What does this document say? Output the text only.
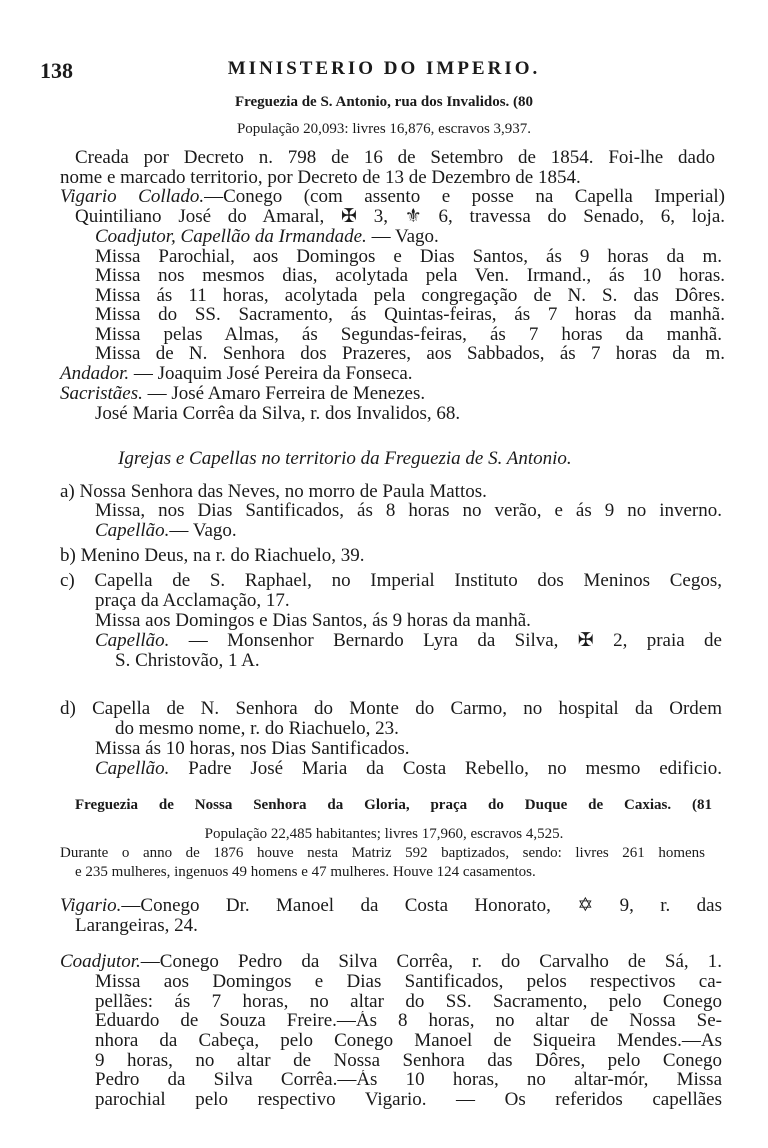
138	MINISTERIO DO IMPERIO.
Freguezia de S. Antonio, rua dos Invalidos. (80
População 20,093: livres 16,876, escravos 3,937.
Creada por Decreto n. 798 de 16 de Setembro de 1854. Foi-lhe dado
nome e marcado territorio, por Decreto de 13 de Dezembro de 1854.
Vigario Collado.—Conego (com assento e posse na Capella Imperial)
Quintiliano José do Amaral, ✠ 3, ⚜ 6, travessa do Senado, 6, loja.
Coadjutor, Capellão da Irmandade. — Vago.
Missa Parochial, aos Domingos e Dias Santos, ás 9 horas da m.
Missa nos mesmos dias, acolytada pela Ven. Irmand., ás 10 horas.
Missa ás 11 horas, acolytada pela congregação de N. S. das Dôres.
Missa do SS. Sacramento, ás Quintas-feiras, ás 7 horas da manhã.
Missa pelas Almas, ás Segundas-feiras, ás 7 horas da manhã.
Missa de N. Senhora dos Prazeres, aos Sabbados, ás 7 horas da m.
Andador. — Joaquim José Pereira da Fonseca.
Sacristães. — José Amaro Ferreira de Menezes.
José Maria Corrêa da Silva, r. dos Invalidos, 68.
Igrejas e Capellas no territorio da Freguezia de S. Antonio.
a) Nossa Senhora das Neves, no morro de Paula Mattos.
Missa, nos Dias Santificados, ás 8 horas no verão, e ás 9 no inverno.
Capellão.— Vago.
b) Menino Deus, na r. do Riachuelo, 39.
c) Capella de S. Raphael, no Imperial Instituto dos Meninos Cegos,
praça da Acclamação, 17.
Missa aos Domingos e Dias Santos, ás 9 horas da manhã.
Capellão. — Monsenhor Bernardo Lyra da Silva, ✠ 2, praia de
S. Christovão, 1 A.
d) Capella de N. Senhora do Monte do Carmo, no hospital da Ordem
do mesmo nome, r. do Riachuelo, 23.
Missa ás 10 horas, nos Dias Santificados.
Capellão. Padre José Maria da Costa Rebello, no mesmo edificio.
Freguezia de Nossa Senhora da Gloria, praça do Duque de Caxias. (81
População 22,485 habitantes; livres 17,960, escravos 4,525.
Durante o anno de 1876 houve nesta Matriz 592 baptizados, sendo: livres 261 homens
e 235 mulheres, ingenuos 49 homens e 47 mulheres. Houve 124 casamentos.
Vigario.—Conego Dr. Manoel da Costa Honorato, ✡ 9, r. das
Larangeiras, 24.
Coadjutor.—Conego Pedro da Silva Corrêa, r. do Carvalho de Sá, 1.
Missa aos Domingos e Dias Santificados, pelos respectivos ca-
pellães: ás 7 horas, no altar do SS. Sacramento, pelo Conego
Eduardo de Souza Freire.—Ás 8 horas, no altar de Nossa Se-
nhora da Cabeça, pelo Conego Manoel de Siqueira Mendes.—As
9 horas, no altar de Nossa Senhora das Dôres, pelo Conego
Pedro da Silva Corrêa.—Ás 10 horas, no altar-mór, Missa
parochial pelo respectivo Vigario. — Os referidos capellães
